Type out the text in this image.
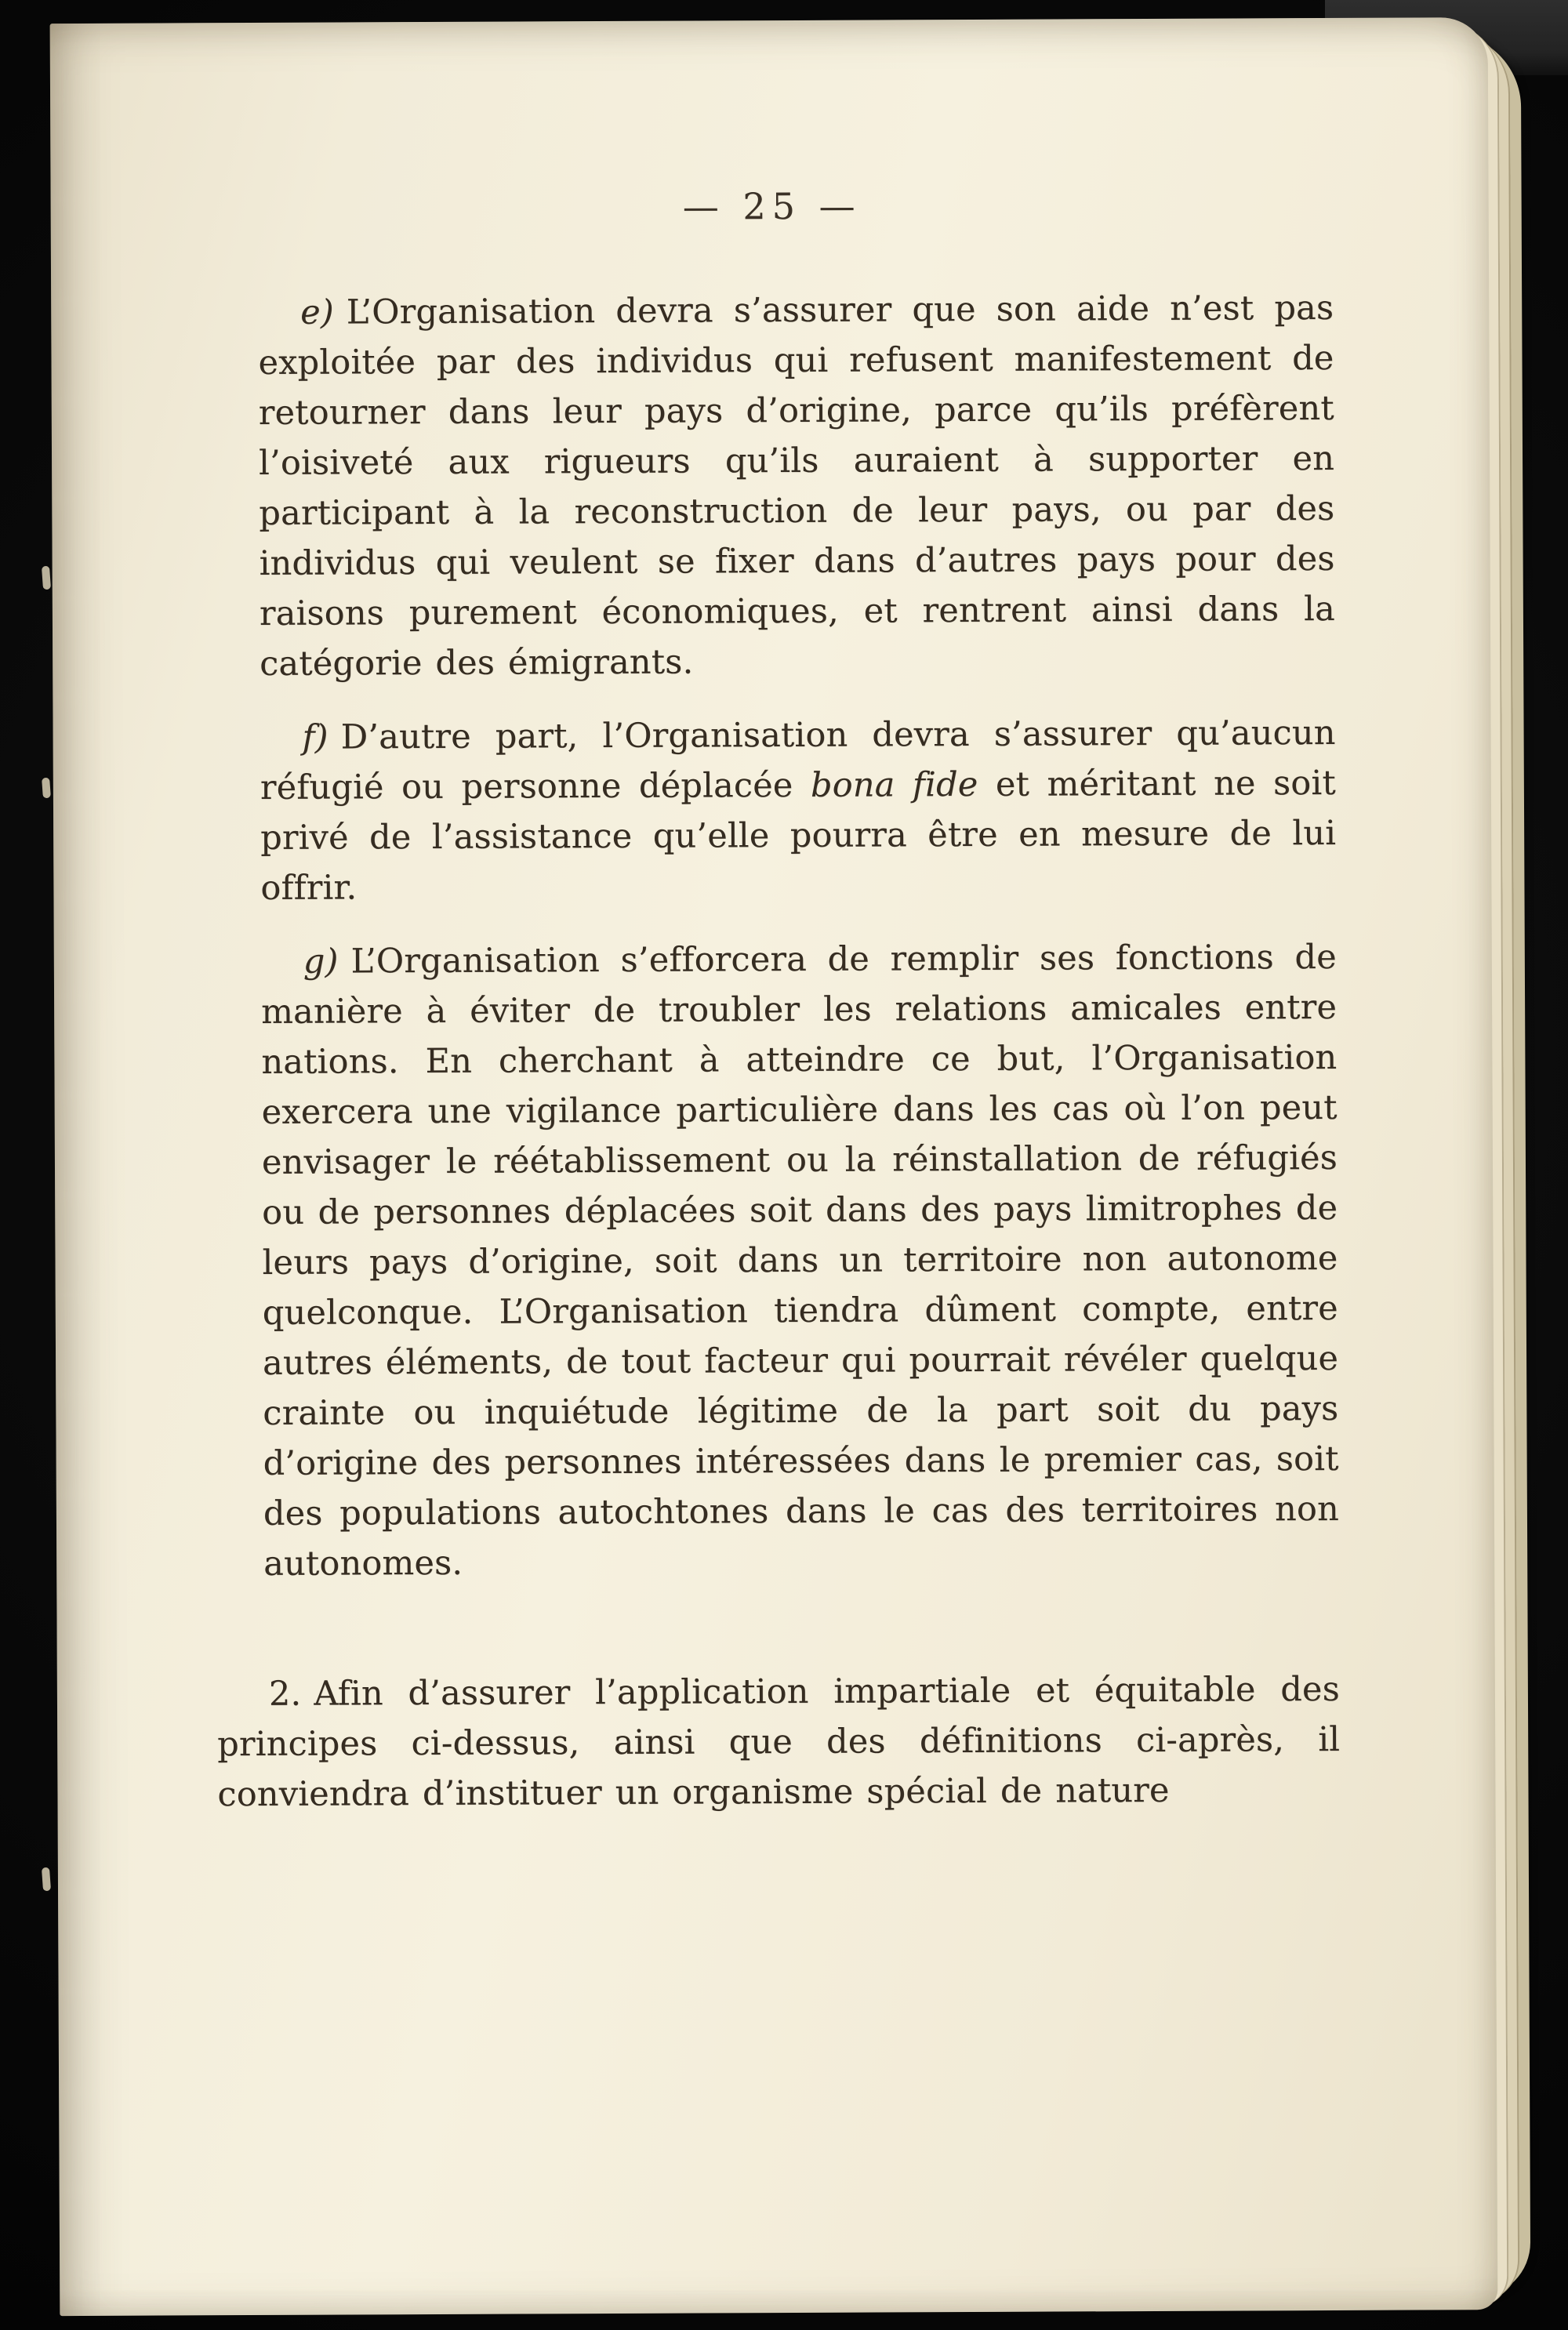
— 25 —

e) L’Organisation devra s’assurer que son aide n’est pas exploitée par des individus qui refusent manifestement de retourner dans leur pays d’origine, parce qu’ils préfèrent l’oisiveté aux rigueurs qu’ils auraient à supporter en participant à la reconstruction de leur pays, ou par des individus qui veulent se fixer dans d’autres pays pour des raisons purement économiques, et rentrent ainsi dans la catégorie des émigrants.

f) D’autre part, l’Organisation devra s’assurer qu’aucun réfugié ou personne déplacée bona fide et méritant ne soit privé de l’assistance qu’elle pourra être en mesure de lui offrir.

g) L’Organisation s’efforcera de remplir ses fonctions de manière à éviter de troubler les relations amicales entre nations. En cherchant à atteindre ce but, l’Organisation exercera une vigilance particulière dans les cas où l’on peut envisager le réétablissement ou la réinstallation de réfugiés ou de personnes déplacées soit dans des pays limitrophes de leurs pays d’origine, soit dans un territoire non autonome quelconque. L’Organisation tiendra dûment compte, entre autres éléments, de tout facteur qui pourrait révéler quelque crainte ou inquiétude légitime de la part soit du pays d’origine des personnes intéressées dans le premier cas, soit des populations autochtones dans le cas des territoires non autonomes.

2. Afin d’assurer l’application impartiale et équitable des principes ci-dessus, ainsi que des définitions ci-après, il conviendra d’instituer un organisme spécial de nature
